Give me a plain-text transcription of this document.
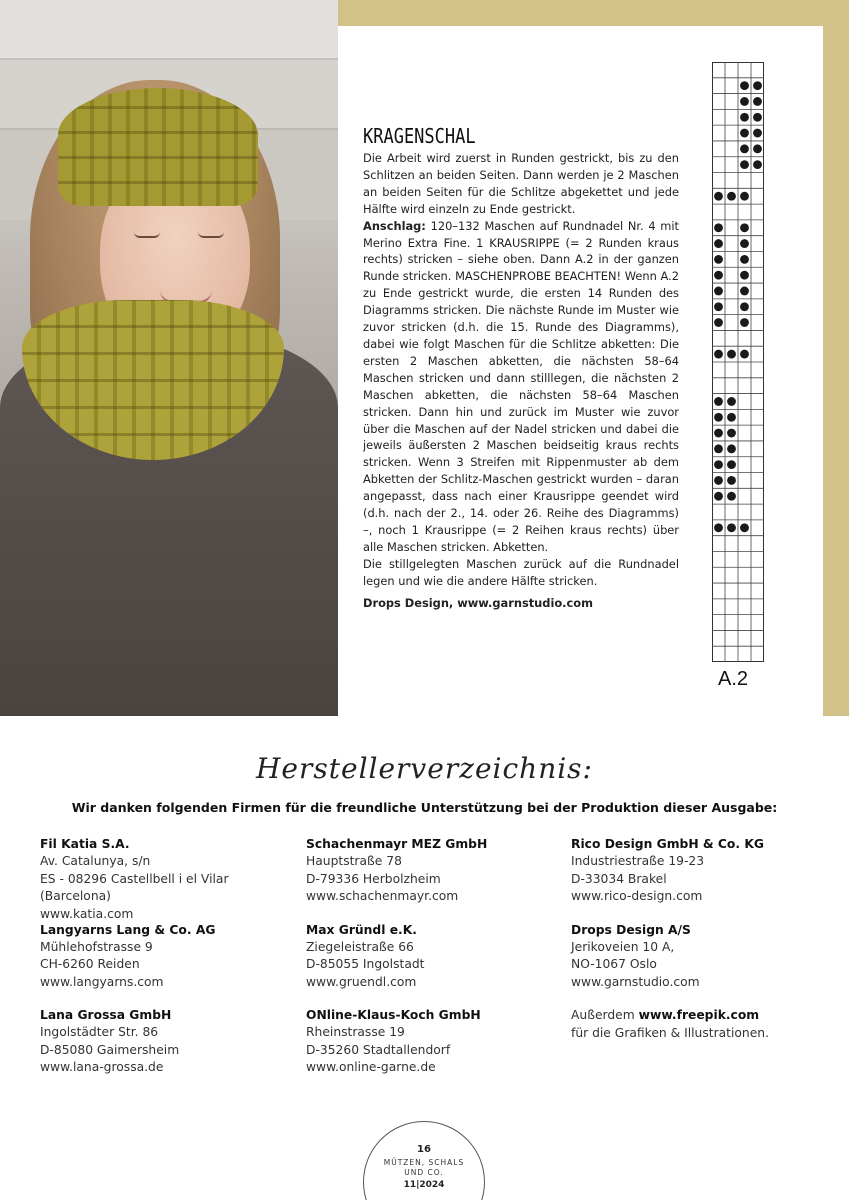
KRAGENSCHAL

Die Arbeit wird zuerst in Runden gestrickt, bis zu den Schlitzen an beiden Seiten. Dann werden je 2 Maschen an beiden Seiten für die Schlitze abgekettet und jede Hälfte wird einzeln zu Ende gestrickt.

Anschlag: 120–132 Maschen auf Rundnadel Nr. 4 mit Merino Extra Fine. 1 KRAUSRIPPE (= 2 Runden kraus rechts) stricken – siehe oben. Dann A.2 in der ganzen Runde stricken. MASCHENPROBE BEACHTEN! Wenn A.2 zu Ende gestrickt wurde, die ersten 14 Runden des Diagramms stricken. Die nächste Runde im Muster wie zuvor stricken (d.h. die 15. Runde des Diagramms), dabei wie folgt Maschen für die Schlitze abketten: Die ersten 2 Maschen abketten, die nächsten 58–64 Maschen stricken und dann stilllegen, die nächsten 2 Maschen abketten, die nächsten 58–64 Maschen stricken. Dann hin und zurück im Muster wie zuvor über die Maschen auf der Nadel stricken und dabei die jeweils äußersten 2 Maschen beidseitig kraus rechts stricken. Wenn 3 Streifen mit Rippenmuster ab dem Abketten der Schlitz-Maschen gestrickt wurden – daran angepasst, dass nach einer Krausrippe geendet wird (d.h. nach der 2., 14. oder 26. Reihe des Diagramms) –, noch 1 Krausrippe (= 2 Reihen kraus rechts) über alle Maschen stricken. Abketten.

Die stillgelegten Maschen zurück auf die Rundnadel legen und wie die andere Hälfte stricken.

Drops Design, www.garnstudio.com
A.2
Herstellerverzeichnis:
Wir danken folgenden Firmen für die freundliche Unterstützung bei der Produktion dieser Ausgabe:
Fil Katia S.A.
Av. Catalunya, s/n
ES - 08296 Castellbell i el Vilar (Barcelona)
www.katia.com
Langyarns Lang & Co. AG
Mühlehofstrasse 9
CH-6260 Reiden
www.langyarns.com
Lana Grossa GmbH
Ingolstädter Str. 86
D-85080 Gaimersheim
www.lana-grossa.de
Schachenmayr MEZ GmbH
Hauptstraße 78
D-79336 Herbolzheim
www.schachenmayr.com
Max Gründl e.K.
Ziegeleistraße 66
D-85055 Ingolstadt
www.gruendl.com
ONline-Klaus-Koch GmbH
Rheinstrasse 19
D-35260 Stadtallendorf
www.online-garne.de
Rico Design GmbH & Co. KG
Industriestraße 19-23
D-33034 Brakel
www.rico-design.com
Drops Design A/S
Jerikoveien 10 A,
NO-1067 Oslo
www.garnstudio.com
Außerdem www.freepik.com
für die Grafiken & Illustrationen.
16
MÜTZEN, SCHALS
UND CO.
11|2024
